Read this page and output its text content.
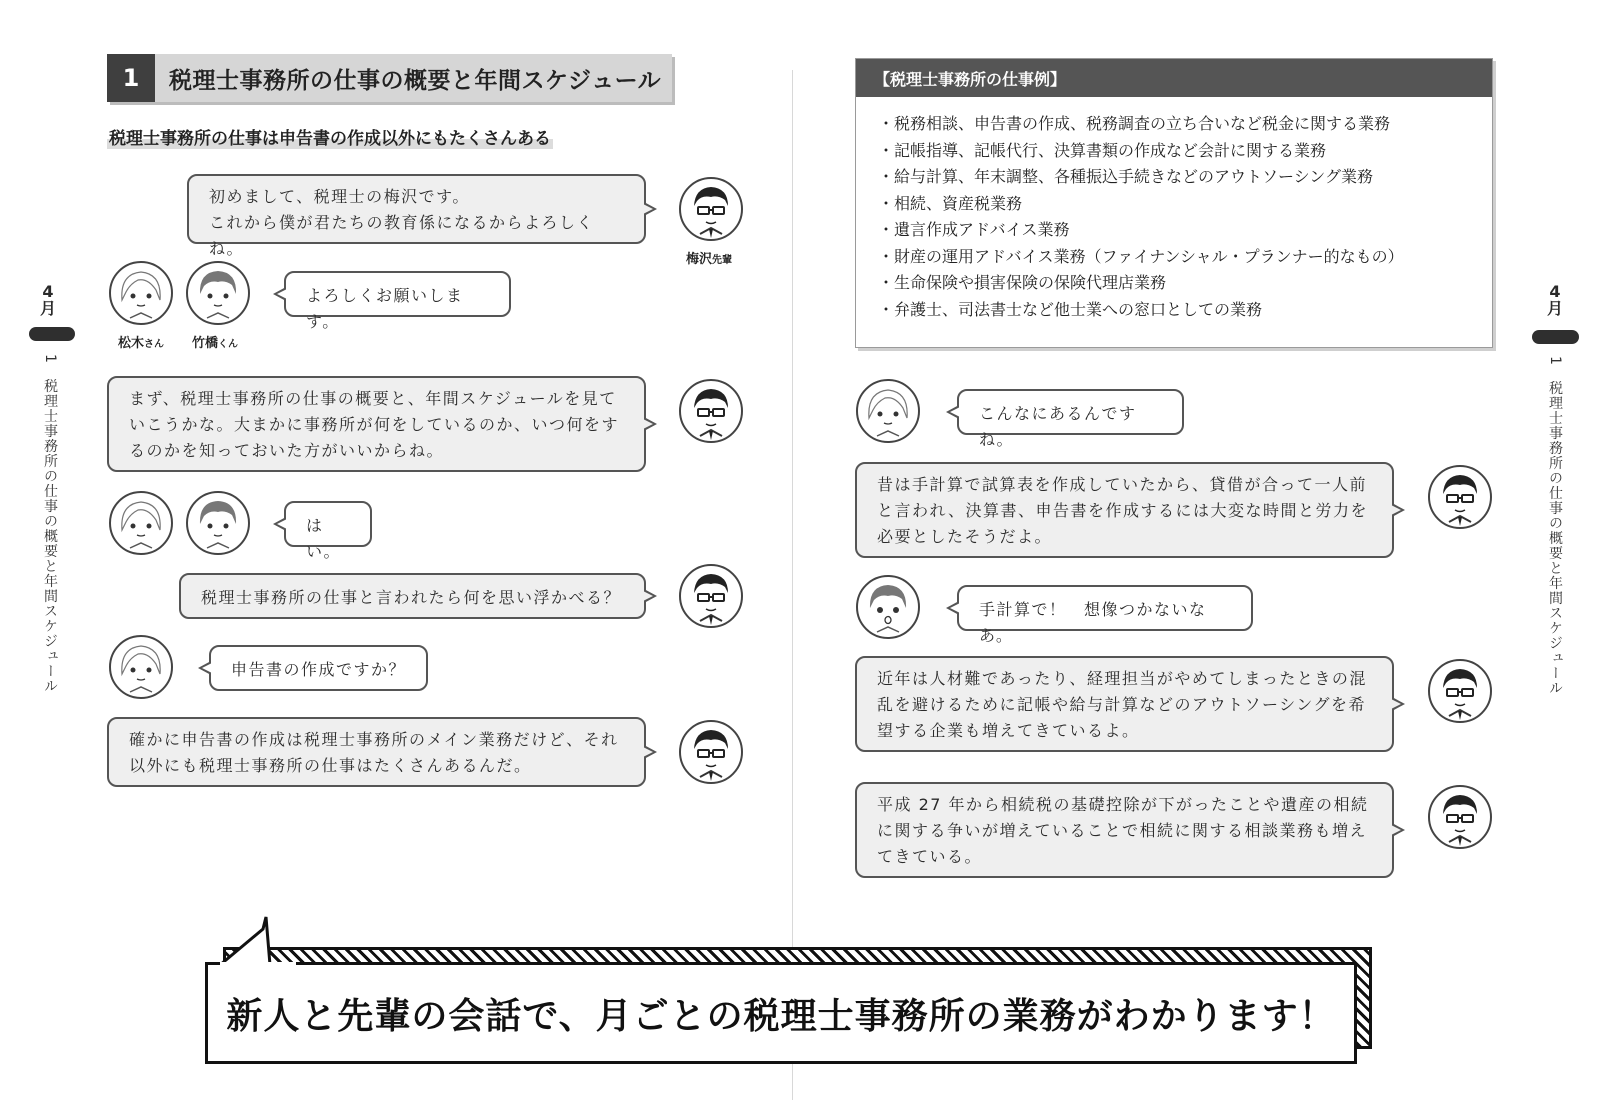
1	税理士事務所の仕事の概要と年間スケジュール
税理士事務所の仕事は申告書の作成以外にもたくさんある
4
月
1　税理士事務所の仕事の概要と年間スケジュール
初めまして、税理士の梅沢です。
これから僕が君たちの教育係になるからよろしくね。
梅沢先輩
松木さん 竹橋くん
よろしくお願いします。
まず、税理士事務所の仕事の概要と、年間スケジュールを見て
いこうかな。大まかに事務所が何をしているのか、いつ何をす
るのかを知っておいた方がいいからね。
はい。
税理士事務所の仕事と言われたら何を思い浮かべる？
申告書の作成ですか？
確かに申告書の作成は税理士事務所のメイン業務だけど、それ
以外にも税理士事務所の仕事はたくさんあるんだ。
【税理士事務所の仕事例】
・税務相談、申告書の作成、税務調査の立ち合いなど税金に関する業務
・記帳指導、記帳代行、決算書類の作成など会計に関する業務
・給与計算、年末調整、各種振込手続きなどのアウトソーシング業務
・相続、資産税業務
・遺言作成アドバイス業務
・財産の運用アドバイス業務（ファイナンシャル・プランナー的なもの）
・生命保険や損害保険の保険代理店業務
・弁護士、司法書士など他士業への窓口としての業務
4
月
1　税理士事務所の仕事の概要と年間スケジュール
こんなにあるんですね。
昔は手計算で試算表を作成していたから、貸借が合って一人前
と言われ、決算書、申告書を作成するには大変な時間と労力を
必要としたそうだよ。
手計算で！　想像つかないなあ。
近年は人材難であったり、経理担当がやめてしまったときの混
乱を避けるために記帳や給与計算などのアウトソーシングを希
望する企業も増えてきているよ。
平成 27 年から相続税の基礎控除が下がったことや遺産の相続
に関する争いが増えていることで相続に関する相談業務も増え
てきている。
新人と先輩の会話で、月ごとの税理士事務所の業務がわかります！
